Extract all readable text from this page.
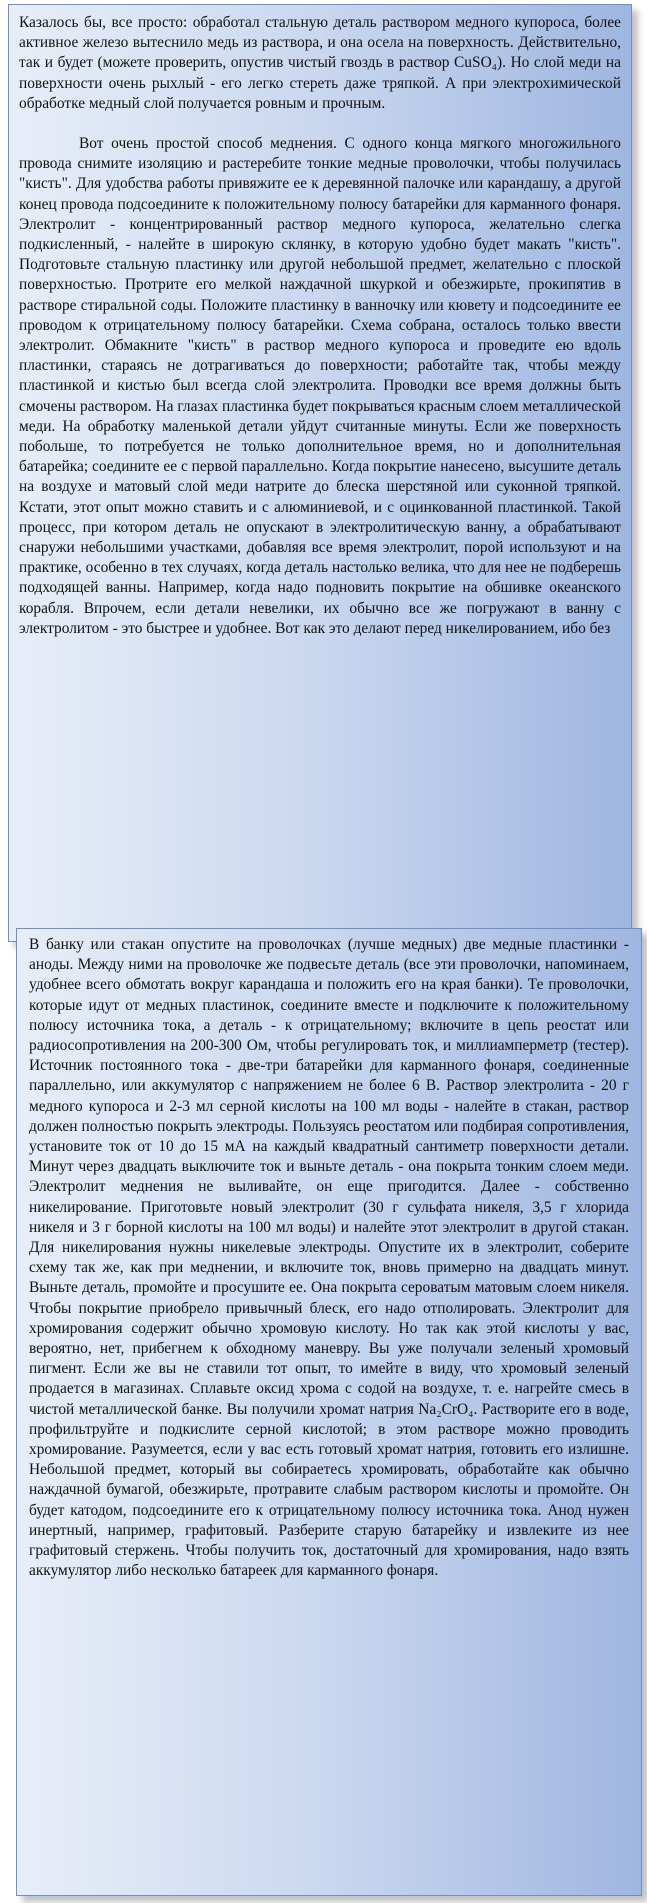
Казалось бы, все просто: обработал стальную деталь раствором медного купороса, более активное железо вытеснило медь из раствора, и она осела на поверхность. Действительно, так и будет (можете проверить, опустив чистый гвоздь в раствор CuSO₄). Но слой меди на поверхности очень рыхлый - его легко стереть даже тряпкой. А при электрохимической обработке медный слой получается ровным и прочным.

Вот очень простой способ меднения. С одного конца мягкого многожильного провода снимите изоляцию и растеребите тонкие медные проволочки, чтобы получилась "кисть". Для удобства работы привяжите ее к деревянной палочке или карандашу, а другой конец провода подсоедините к положительному полюсу батарейки для карманного фонаря. Электролит - концентрированный раствор медного купороса, желательно слегка подкисленный, - налейте в широкую склянку, в которую удобно будет макать "кисть". Подготовьте стальную пластинку или другой небольшой предмет, желательно с плоской поверхностью. Протрите его мелкой наждачной шкуркой и обезжирьте, прокипятив в растворе стиральной соды. Положите пластинку в ванночку или кювету и подсоедините ее проводом к отрицательному полюсу батарейки. Схема собрана, осталось только ввести электролит. Обмакните "кисть" в раствор медного купороса и проведите ею вдоль пластинки, стараясь не дотрагиваться до поверхности; работайте так, чтобы между пластинкой и кистью был всегда слой электролита. Проводки все время должны быть смочены раствором. На глазах пластинка будет покрываться красным слоем металлической меди. На обработку маленькой детали уйдут считанные минуты. Если же поверхность побольше, то потребуется не только дополнительное время, но и дополнительная батарейка; соедините ее с первой параллельно. Когда покрытие нанесено, высушите деталь на воздухе и матовый слой меди натрите до блеска шерстяной или суконной тряпкой. Кстати, этот опыт можно ставить и с алюминиевой, и с оцинкованной пластинкой. Такой процесс, при котором деталь не опускают в электролитическую ванну, а обрабатывают снаружи небольшими участками, добавляя все время электролит, порой используют и на практике, особенно в тех случаях, когда деталь настолько велика, что для нее не подберешь подходящей ванны. Например, когда надо подновить покрытие на обшивке океанского корабля. Впрочем, если детали невелики, их обычно все же погружают в ванну с электролитом - это быстрее и удобнее. Вот как это делают перед никелированием, ибо без

В банку или стакан опустите на проволочках (лучше медных) две медные пластинки - аноды. Между ними на проволочке же подвесьте деталь (все эти проволочки, напоминаем, удобнее всего обмотать вокруг карандаша и положить его на края банки). Те проволочки, которые идут от медных пластинок, соедините вместе и подключите к положительному полюсу источника тока, а деталь - к отрицательному; включите в цепь реостат или радиосопротивления на 200-300 Ом, чтобы регулировать ток, и миллиамперметр (тестер). Источник постоянного тока - две-три батарейки для карманного фонаря, соединенные параллельно, или аккумулятор с напряжением не более 6 В. Раствор электролита - 20 г медного купороса и 2-3 мл серной кислоты на 100 мл воды - налейте в стакан, раствор должен полностью покрыть электроды. Пользуясь реостатом или подбирая сопротивления, установите ток от 10 до 15 мА на каждый квадратный сантиметр поверхности детали. Минут через двадцать выключите ток и выньте деталь - она покрыта тонким слоем меди. Электролит меднения не выливайте, он еще пригодится. Далее - собственно никелирование. Приготовьте новый электролит (30 г сульфата никеля, 3,5 г хлорида никеля и 3 г борной кислоты на 100 мл воды) и налейте этот электролит в другой стакан. Для никелирования нужны никелевые электроды. Опустите их в электролит, соберите схему так же, как при меднении, и включите ток, вновь примерно на двадцать минут. Выньте деталь, промойте и просушите ее. Она покрыта сероватым матовым слоем никеля. Чтобы покрытие приобрело привычный блеск, его надо отполировать. Электролит для хромирования содержит обычно хромовую кислоту. Но так как этой кислоты у вас, вероятно, нет, прибегнем к обходному маневру. Вы уже получали зеленый хромовый пигмент. Если же вы не ставили тот опыт, то имейте в виду, что хромовый зеленый продается в магазинах. Сплавьте оксид хрома с содой на воздухе, т. е. нагрейте смесь в чистой металлической банке. Вы получили хромат натрия Na₂CrO₄. Растворите его в воде, профильтруйте и подкислите серной кислотой; в этом растворе можно проводить хромирование. Разумеется, если у вас есть готовый хромат натрия, готовить его излишне. Небольшой предмет, который вы собираетесь хромировать, обработайте как обычно наждачной бумагой, обезжирьте, протравите слабым раствором кислоты и промойте. Он будет катодом, подсоедините его к отрицательному полюсу источника тока. Анод нужен инертный, например, графитовый. Разберите старую батарейку и извлеките из нее графитовый стержень. Чтобы получить ток, достаточный для хромирования, надо взять аккумулятор либо несколько батареек для карманного фонаря.
